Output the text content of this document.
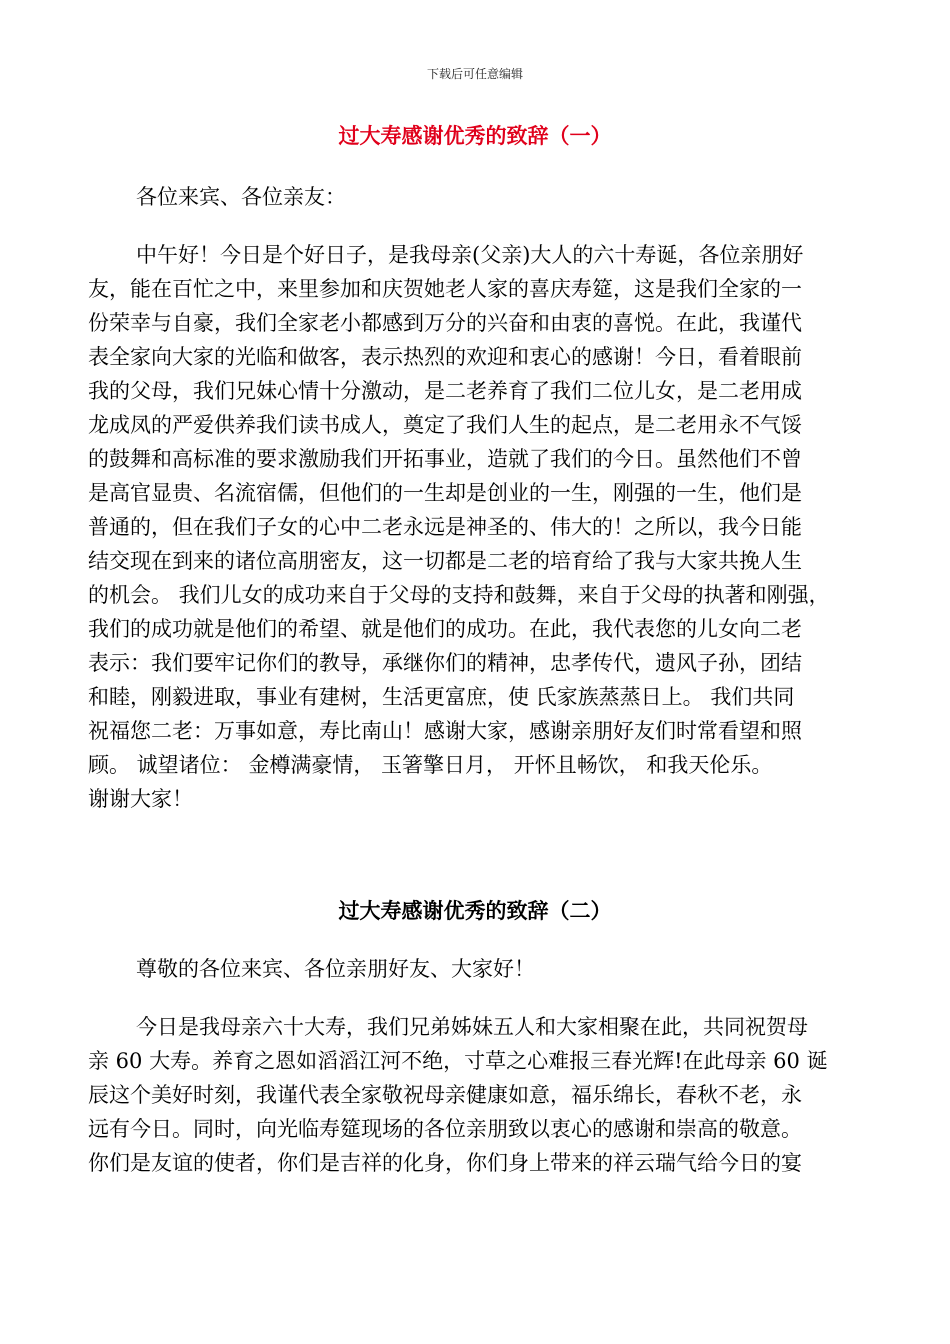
下载后可任意编辑
过大寿感谢优秀的致辞（一）
各位来宾、各位亲友：
中午好！今日是个好日子，是我母亲(父亲)大人的六十寿诞，各位亲朋好
友，能在百忙之中，来里参加和庆贺她老人家的喜庆寿筵，这是我们全家的一
份荣幸与自豪，我们全家老小都感到万分的兴奋和由衷的喜悦。在此，我谨代
表全家向大家的光临和做客，表示热烈的欢迎和衷心的感谢！今日，看着眼前
我的父母，我们兄妹心情十分激动，是二老养育了我们二位儿女，是二老用成
龙成凤的严爱供养我们读书成人，奠定了我们人生的起点，是二老用永不气馁
的鼓舞和高标准的要求激励我们开拓事业，造就了我们的今日。虽然他们不曾
是高官显贵、名流宿儒，但他们的一生却是创业的一生，刚强的一生，他们是
普通的，但在我们子女的心中二老永远是神圣的、伟大的！之所以，我今日能
结交现在到来的诸位高朋密友，这一切都是二老的培育给了我与大家共挽人生
的机会。 我们儿女的成功来自于父母的支持和鼓舞，来自于父母的执著和刚强，
我们的成功就是他们的希望、就是他们的成功。在此，我代表您的儿女向二老
表示：我们要牢记你们的教导，承继你们的精神，忠孝传代，遗风子孙，团结
和睦，刚毅进取，事业有建树，生活更富庶，使 氏家族蒸蒸日上。 我们共同
祝福您二老：万事如意，寿比南山！感谢大家，感谢亲朋好友们时常看望和照
顾。 诚望诸位： 金樽满豪情， 玉箸擎日月， 开怀且畅饮， 和我天伦乐。
谢谢大家！
过大寿感谢优秀的致辞（二）
尊敬的各位来宾、各位亲朋好友、大家好！
今日是我母亲六十大寿，我们兄弟姊妹五人和大家相聚在此，共同祝贺母
亲 60 大寿。养育之恩如滔滔江河不绝，寸草之心难报三春光辉!在此母亲 60 诞
辰这个美好时刻，我谨代表全家敬祝母亲健康如意，福乐绵长，春秋不老，永
远有今日。同时，向光临寿筵现场的各位亲朋致以衷心的感谢和崇高的敬意。
你们是友谊的使者，你们是吉祥的化身，你们身上带来的祥云瑞气给今日的宴
